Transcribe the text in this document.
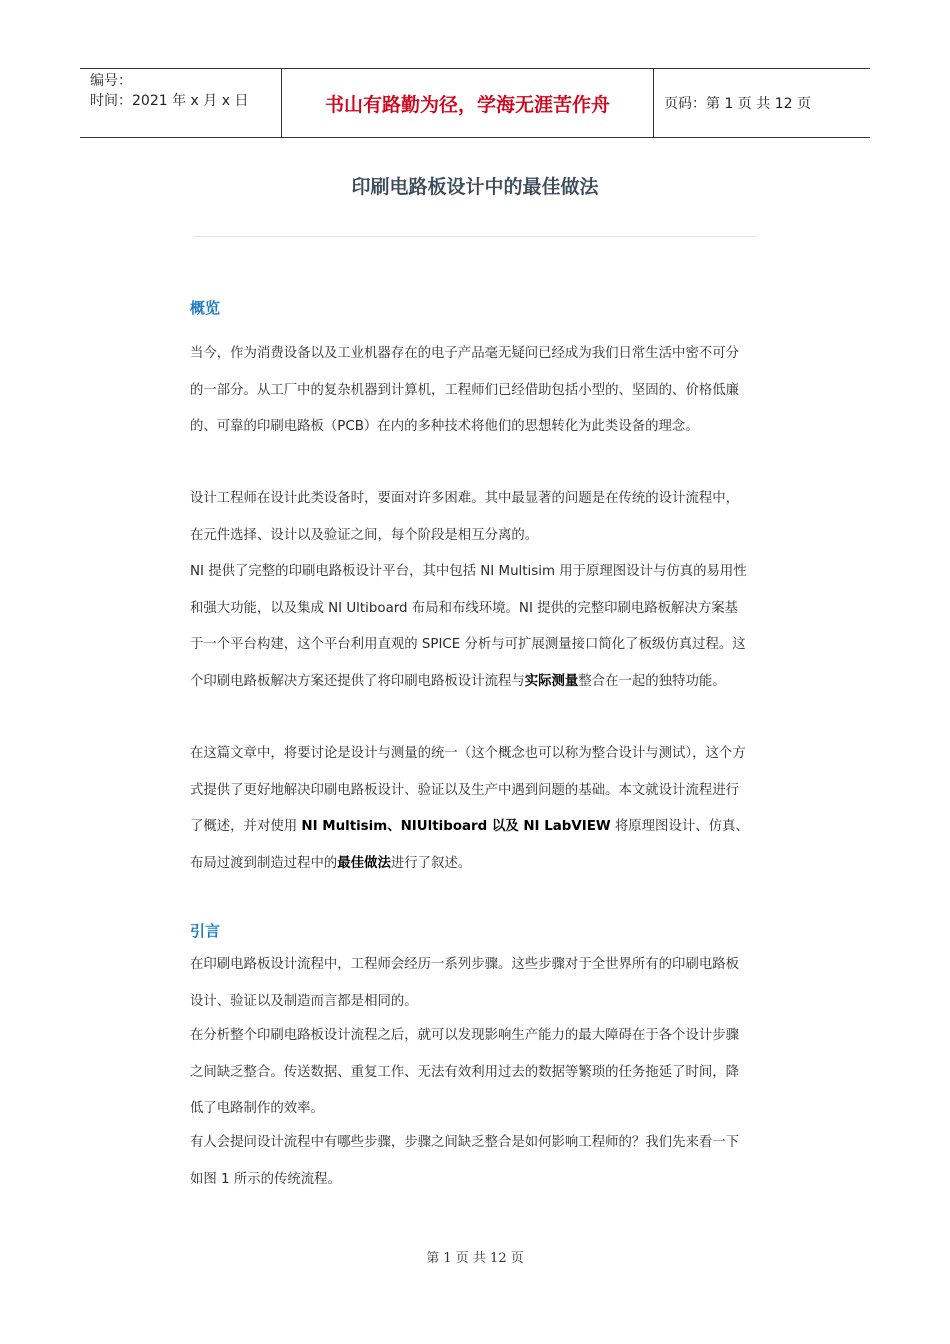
编号：
时间：2021 年 x 月 x 日	书山有路勤为径，学海无涯苦作舟	页码：第 1 页 共 12 页
印刷电路板设计中的最佳做法
概览
当今，作为消费设备以及工业机器存在的电子产品毫无疑问已经成为我们日常生活中密不可分的一部分。从工厂中的复杂机器到计算机，工程师们已经借助包括小型的、坚固的、价格低廉的、可靠的印刷电路板（PCB）在内的多种技术将他们的思想转化为此类设备的理念。
设计工程师在设计此类设备时，要面对许多困难。其中最显著的问题是在传统的设计流程中，在元件选择、设计以及验证之间，每个阶段是相互分离的。
NI 提供了完整的印刷电路板设计平台，其中包括 NI Multisim 用于原理图设计与仿真的易用性和强大功能，以及集成 NI Ultiboard 布局和布线环境。NI 提供的完整印刷电路板解决方案基于一个平台构建，这个平台利用直观的 SPICE 分析与可扩展测量接口简化了板级仿真过程。这个印刷电路板解决方案还提供了将印刷电路板设计流程与实际测量整合在一起的独特功能。
在这篇文章中，将要讨论是设计与测量的统一（这个概念也可以称为整合设计与测试），这个方式提供了更好地解决印刷电路板设计、验证以及生产中遇到问题的基础。本文就设计流程进行了概述，并对使用 NI Multisim、NIUltiboard 以及 NI LabVIEW 将原理图设计、仿真、布局过渡到制造过程中的最佳做法进行了叙述。
引言
在印刷电路板设计流程中，工程师会经历一系列步骤。这些步骤对于全世界所有的印刷电路板设计、验证以及制造而言都是相同的。
在分析整个印刷电路板设计流程之后，就可以发现影响生产能力的最大障碍在于各个设计步骤之间缺乏整合。传送数据、重复工作、无法有效利用过去的数据等繁琐的任务拖延了时间，降低了电路制作的效率。
有人会提问设计流程中有哪些步骤，步骤之间缺乏整合是如何影响工程师的？我们先来看一下如图 1 所示的传统流程。
第 1 页 共 12 页
